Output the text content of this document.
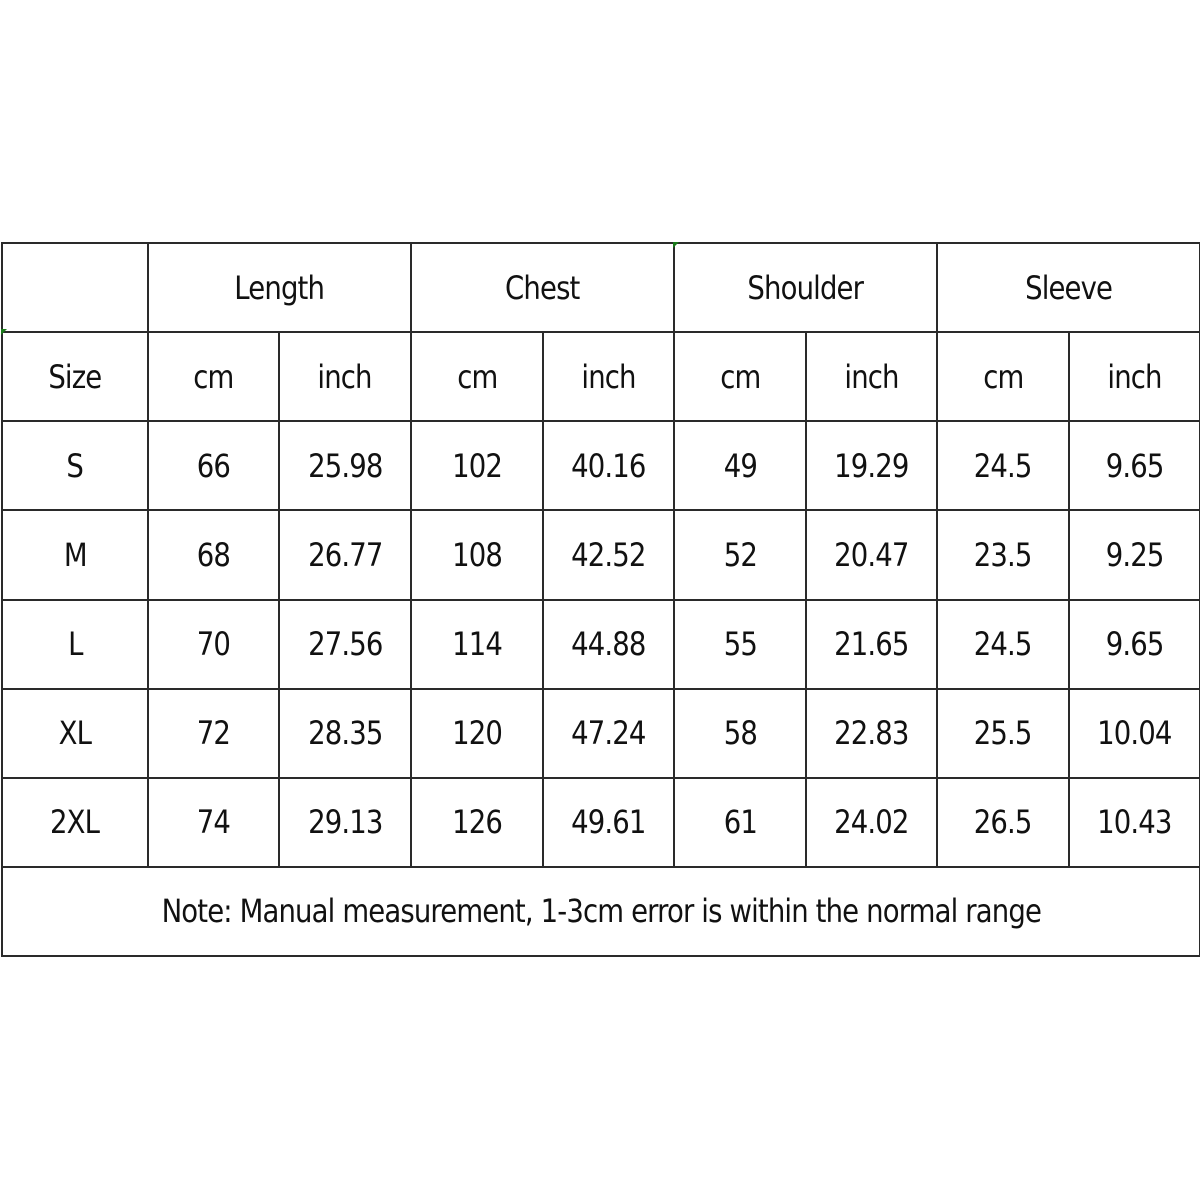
	Length		Chest		Shoulder		Sleeve	
Size	cm	inch	cm	inch	cm	inch	cm	inch
S	66	25.98	102	40.16	49	19.29	24.5	9.65
M	68	26.77	108	42.52	52	20.47	23.5	9.25
L	70	27.56	114	44.88	55	21.65	24.5	9.65
XL	72	28.35	120	47.24	58	22.83	25.5	10.04
2XL	74	29.13	126	49.61	61	24.02	26.5	10.43
Note: Manual measurement, 1-3cm error is within the normal range								
